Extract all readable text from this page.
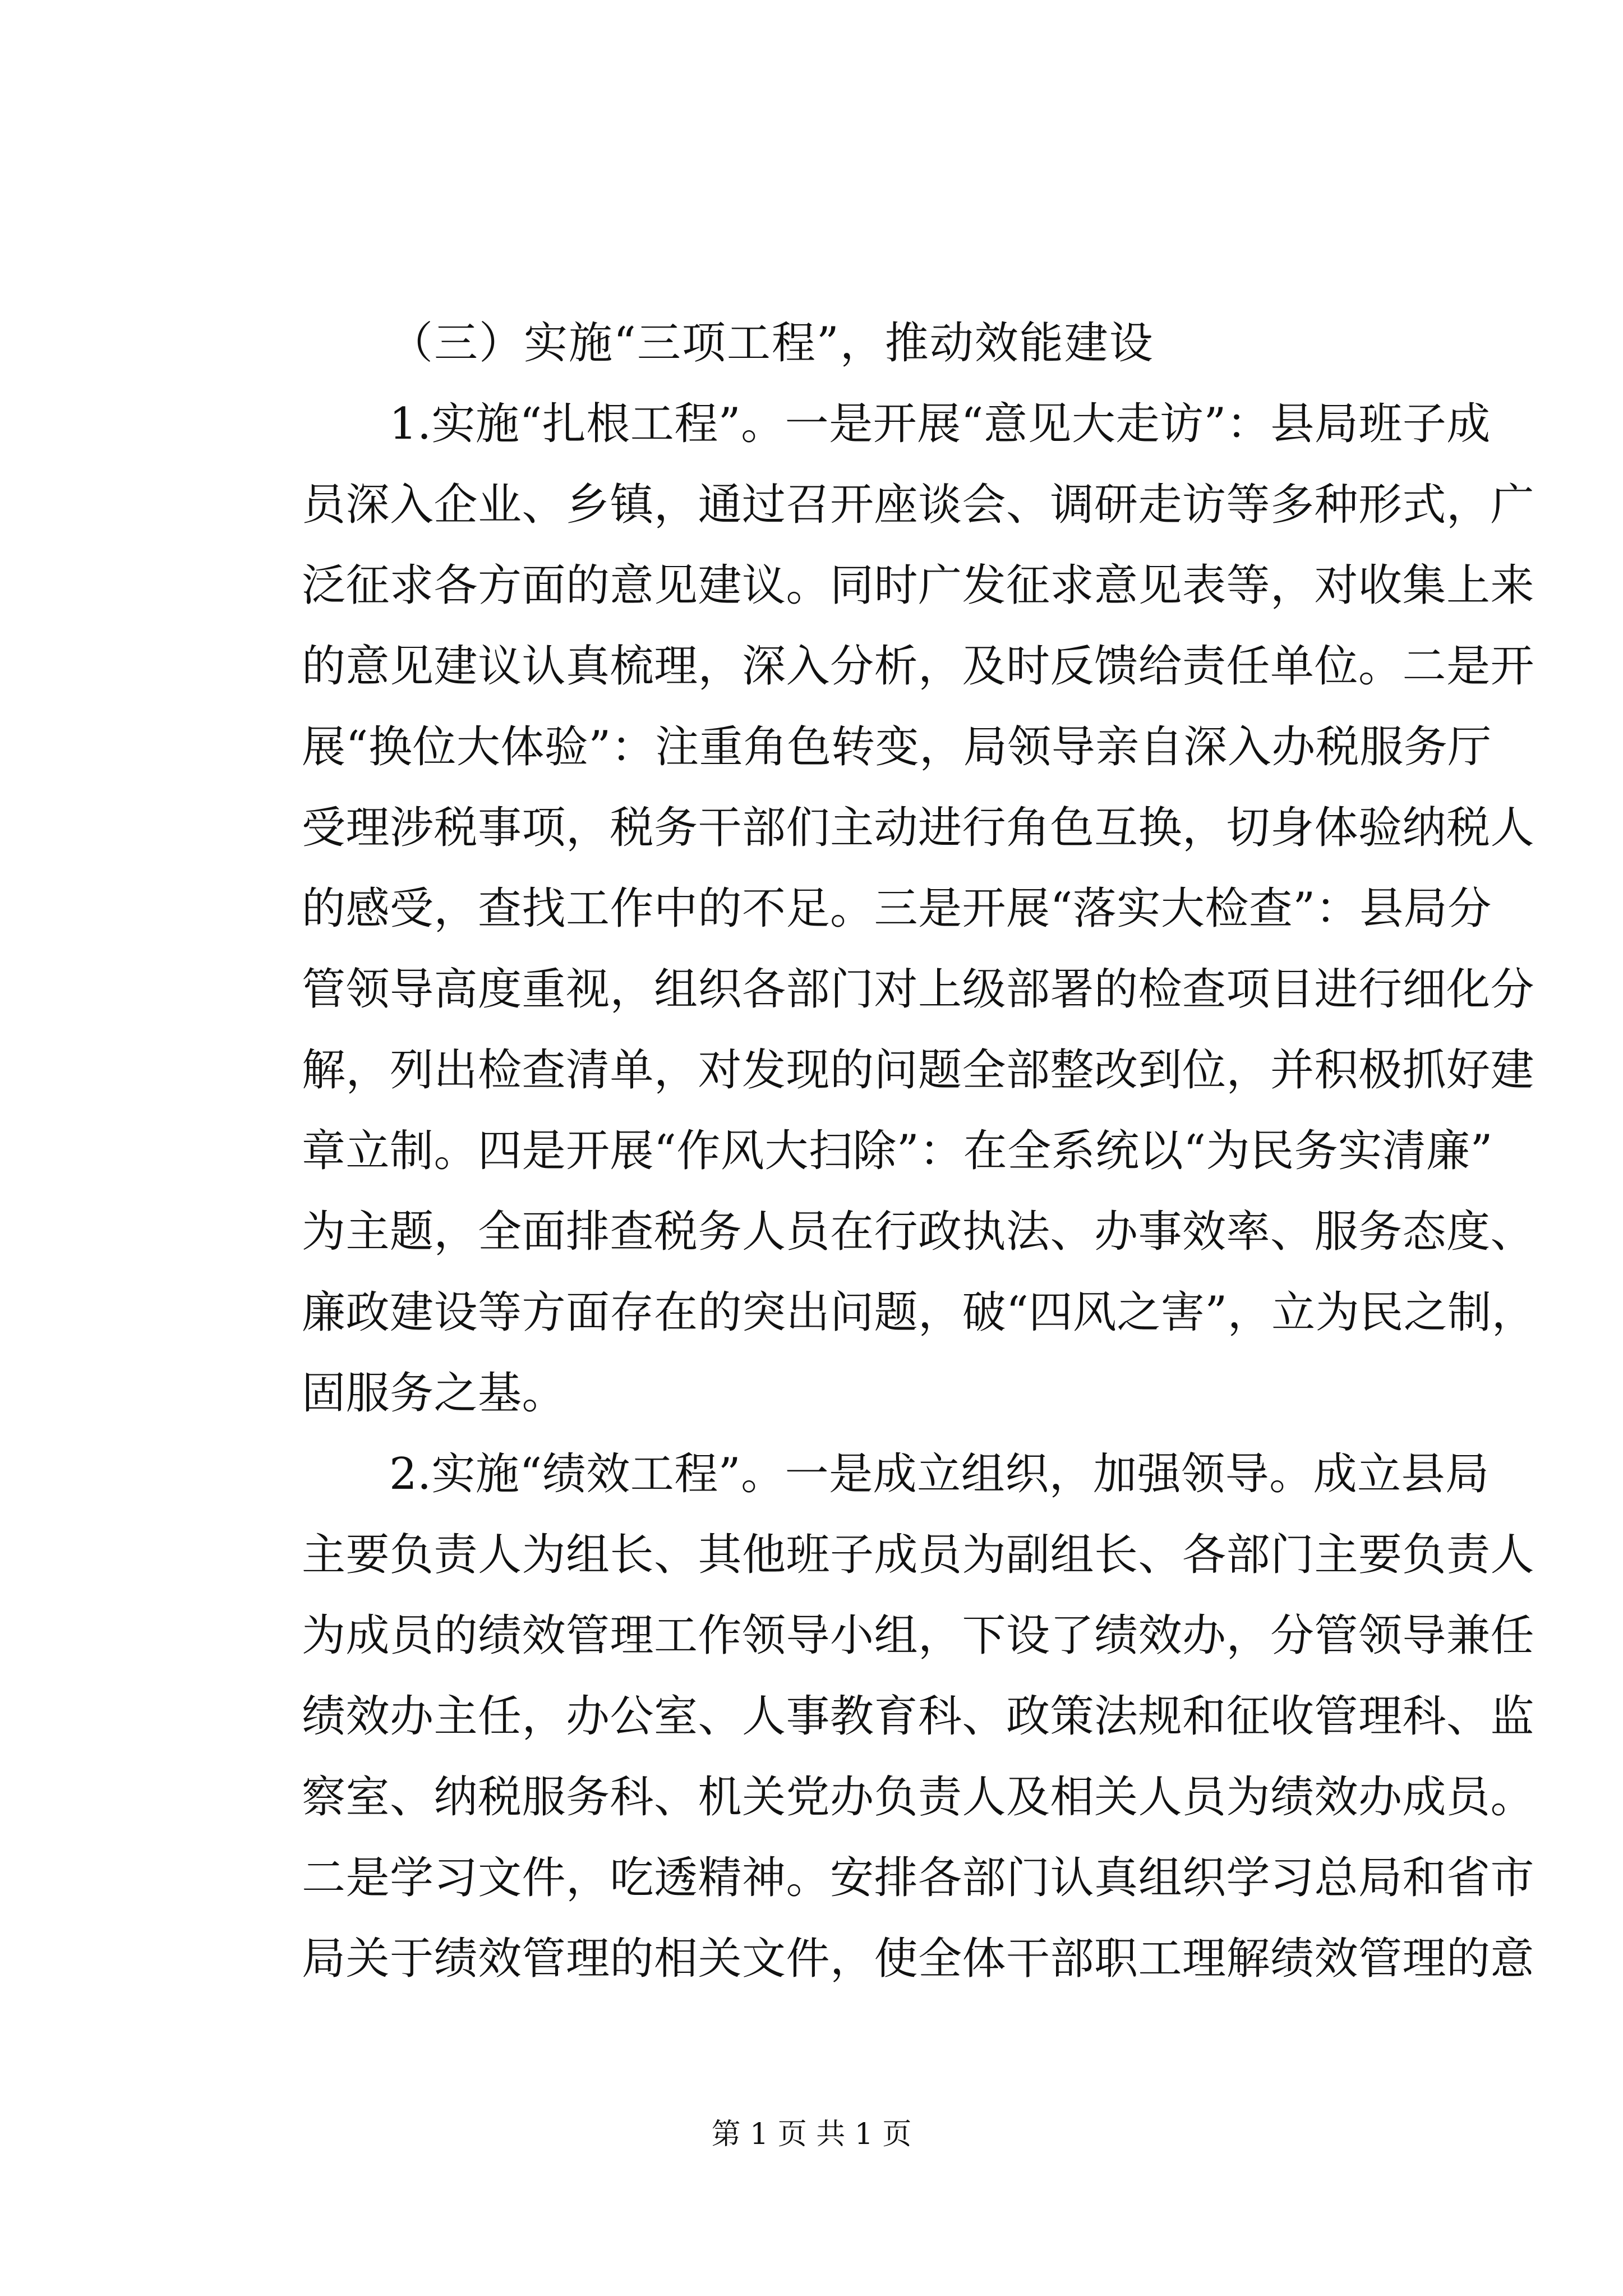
（三）实施“三项工程”，推动效能建设
1.实施“扎根工程”。一是开展“意见大走访”：县局班子成
员深入企业、乡镇，通过召开座谈会、调研走访等多种形式，广
泛征求各方面的意见建议。同时广发征求意见表等，对收集上来
的意见建议认真梳理，深入分析，及时反馈给责任单位。二是开
展“换位大体验”：注重角色转变，局领导亲自深入办税服务厅
受理涉税事项，税务干部们主动进行角色互换，切身体验纳税人
的感受，查找工作中的不足。三是开展“落实大检查”：县局分
管领导高度重视，组织各部门对上级部署的检查项目进行细化分
解，列出检查清单，对发现的问题全部整改到位，并积极抓好建
章立制。四是开展“作风大扫除”：在全系统以“为民务实清廉”
为主题，全面排查税务人员在行政执法、办事效率、服务态度、
廉政建设等方面存在的突出问题，破“四风之害”，立为民之制，
固服务之基。
2.实施“绩效工程”。一是成立组织，加强领导。成立县局
主要负责人为组长、其他班子成员为副组长、各部门主要负责人
为成员的绩效管理工作领导小组，下设了绩效办，分管领导兼任
绩效办主任，办公室、人事教育科、政策法规和征收管理科、监
察室、纳税服务科、机关党办负责人及相关人员为绩效办成员。
二是学习文件，吃透精神。安排各部门认真组织学习总局和省市
局关于绩效管理的相关文件，使全体干部职工理解绩效管理的意
第 1 页 共 1 页
